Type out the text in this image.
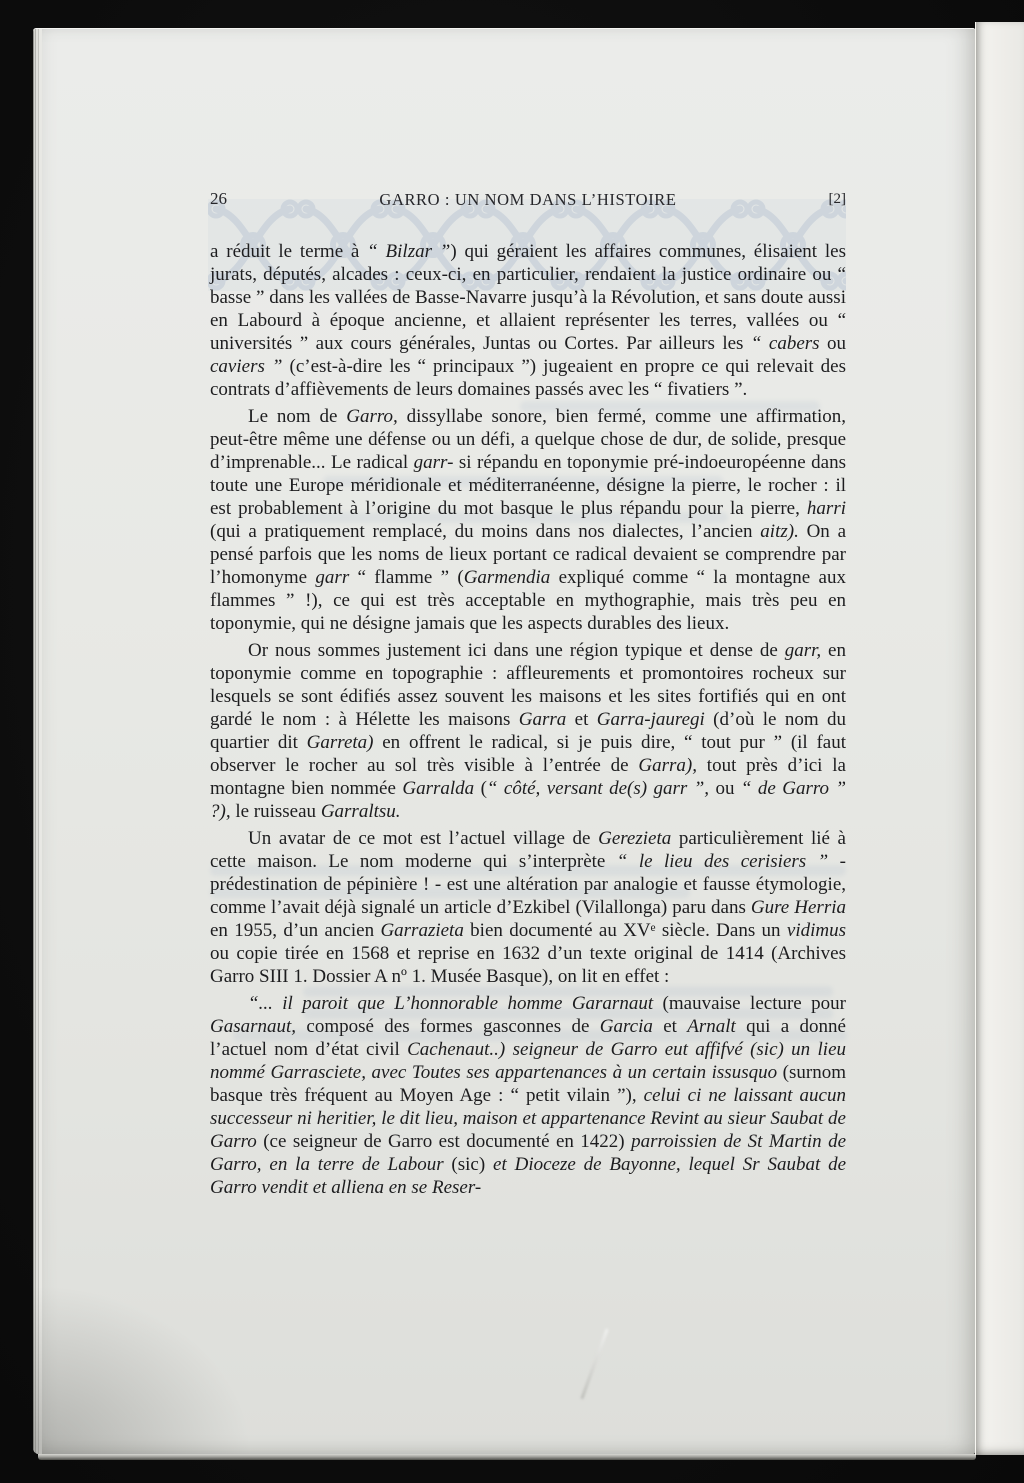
26	GARRO : UN NOM DANS L’HISTOIRE	[2]

a réduit le terme à “ Bilzar ”) qui géraient les affaires communes, élisaient les jurats, députés, alcades : ceux-ci, en particulier, rendaient la justice ordinaire ou “ basse ” dans les vallées de Basse-Navarre jusqu’à la Révolution, et sans doute aussi en Labourd à époque ancienne, et allaient représenter les terres, vallées ou “ universités ” aux cours générales, Juntas ou Cortes. Par ailleurs les “ cabers ou caviers ” (c’est-à-dire les “ principaux ”) jugeaient en propre ce qui relevait des contrats d’affièvements de leurs domaines passés avec les “ fivatiers ”.

Le nom de Garro, dissyllabe sonore, bien fermé, comme une affirmation, peut-être même une défense ou un défi, a quelque chose de dur, de solide, presque d’imprenable... Le radical garr- si répandu en toponymie pré-indoeuropéenne dans toute une Europe méridionale et méditerranéenne, désigne la pierre, le rocher : il est probablement à l’origine du mot basque le plus répandu pour la pierre, harri (qui a pratiquement remplacé, du moins dans nos dialectes, l’ancien aitz). On a pensé parfois que les noms de lieux portant ce radical devaient se comprendre par l’homonyme garr “ flamme ” (Garmendia expliqué comme “ la montagne aux flammes ” !), ce qui est très acceptable en mythographie, mais très peu en toponymie, qui ne désigne jamais que les aspects durables des lieux.

Or nous sommes justement ici dans une région typique et dense de garr, en toponymie comme en topographie : affleurements et promontoires rocheux sur lesquels se sont édifiés assez souvent les maisons et les sites fortifiés qui en ont gardé le nom : à Hélette les maisons Garra et Garra-jauregi (d’où le nom du quartier dit Garreta) en offrent le radical, si je puis dire, “ tout pur ” (il faut observer le rocher au sol très visible à l’entrée de Garra), tout près d’ici la montagne bien nommée Garralda (“ côté, versant de(s) garr ”, ou “ de Garro ” ?), le ruisseau Garraltsu.

Un avatar de ce mot est l’actuel village de Gerezieta particulièrement lié à cette maison. Le nom moderne qui s’interprète “ le lieu des cerisiers ” - prédestination de pépinière ! - est une altération par analogie et fausse étymologie, comme l’avait déjà signalé un article d’Ezkibel (Vilallonga) paru dans Gure Herria en 1955, d’un ancien Garrazieta bien documenté au XVᵉ siècle. Dans un vidimus ou copie tirée en 1568 et reprise en 1632 d’un texte original de 1414 (Archives Garro SIII 1. Dossier A nº 1. Musée Basque), on lit en effet :

“... il paroit que L’honnorable homme Gararnaut (mauvaise lecture pour Gasarnaut, composé des formes gasconnes de Garcia et Arnalt qui a donné l’actuel nom d’état civil Cachenaut..) seigneur de Garro eut affifvé (sic) un lieu nommé Garrasciete, avec Toutes ses appartenances à un certain issusquo (surnom basque très fréquent au Moyen Age : “ petit vilain ”), celui ci ne laissant aucun successeur ni heritier, le dit lieu, maison et appartenance Revint au sieur Saubat de Garro (ce seigneur de Garro est documenté en 1422) parroissien de St Martin de Garro, en la terre de Labour (sic) et Dioceze de Bayonne, lequel Sr Saubat de Garro vendit et alliena en se Reser-
